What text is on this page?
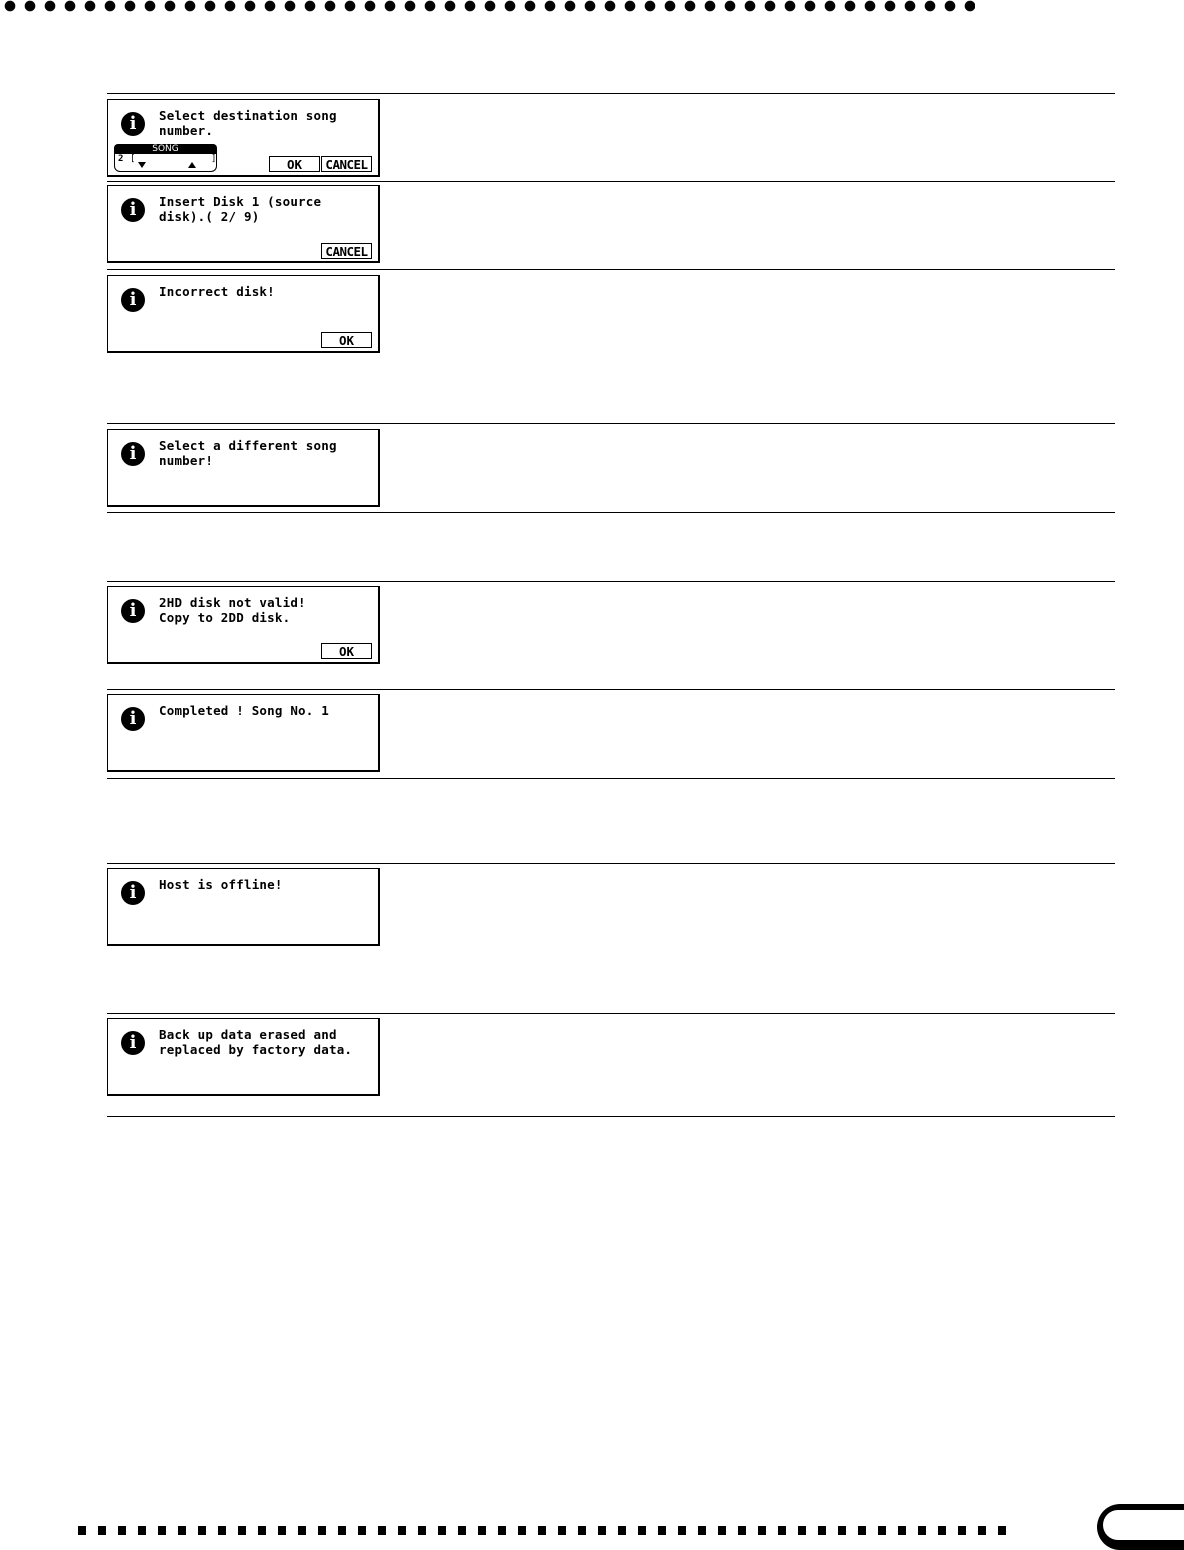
i	Select destination song
number.
SONG
2 [	]	OK	CANCEL
i	Insert Disk 1 (source
disk).( 2/ 9)
CANCEL
i	Incorrect disk!
OK
i	Select a different song
number!
i	2HD disk not valid!
Copy to 2DD disk.
OK
i	Completed ! Song No. 1
i	Host is offline!
i	Back up data erased and
replaced by factory data.
